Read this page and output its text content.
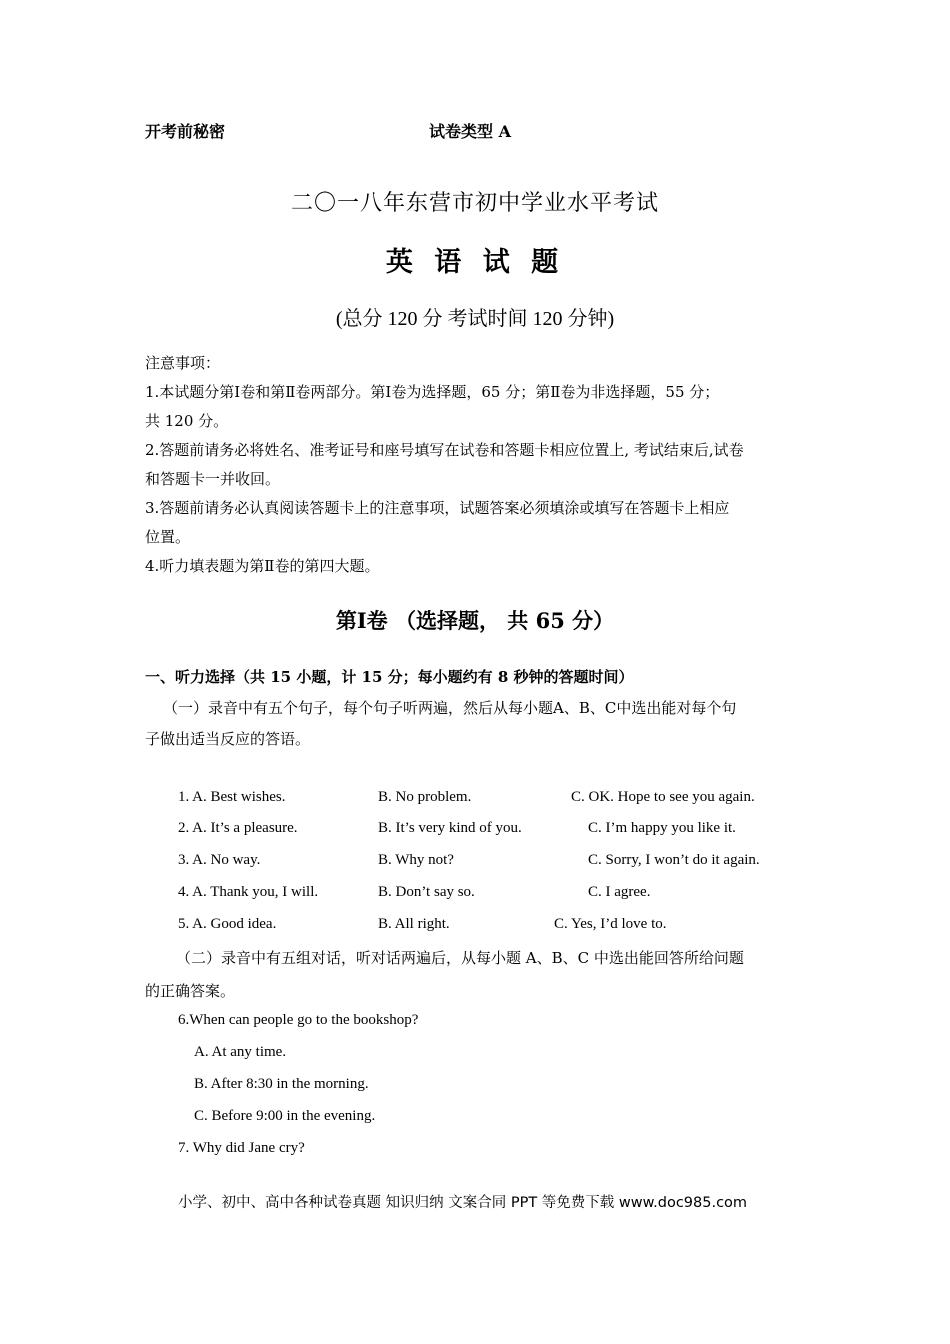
开考前秘密	试卷类型 A
二〇一八年东营市初中学业水平考试
英 语 试 题
(总分 120 分 考试时间 120 分钟)
注意事项：
1.本试题分第Ⅰ卷和第Ⅱ卷两部分。第Ⅰ卷为选择题，65 分；第Ⅱ卷为非选择题，55 分；
共 120 分。
2.答题前请务必将姓名、准考证号和座号填写在试卷和答题卡相应位置上, 考试结束后,试卷
和答题卡一并收回。
3.答题前请务必认真阅读答题卡上的注意事项，试题答案必须填涂或填写在答题卡上相应
位置。
4.听力填表题为第Ⅱ卷的第四大题。
第Ⅰ卷 （选择题， 共 65 分）
一、听力选择（共 15 小题，计 15 分；每小题约有 8 秒钟的答题时间）
（一）录音中有五个句子，每个句子听两遍，然后从每小题A、B、C中选出能对每个句
子做出适当反应的答语。
1. A. Best wishes.	B. No problem.	C. OK. Hope to see you again.
2. A. It’s a pleasure.	B. It’s very kind of you.	C. I’m happy you like it.
3. A. No way.	B. Why not?	C. Sorry, I won’t do it again.
4. A. Thank you, I will.	B. Don’t say so.	C. I agree.
5. A. Good idea.	B. All right.	C. Yes, I’d love to.
（二）录音中有五组对话，听对话两遍后，从每小题 A、B、C 中选出能回答所给问题
的正确答案。
6.When can people go to the bookshop?
A. At any time.
B. After 8:30 in the morning.
C. Before 9:00 in the evening.
7. Why did Jane cry?
小学、初中、高中各种试卷真题 知识归纳 文案合同 PPT 等免费下载 www.doc985.com
